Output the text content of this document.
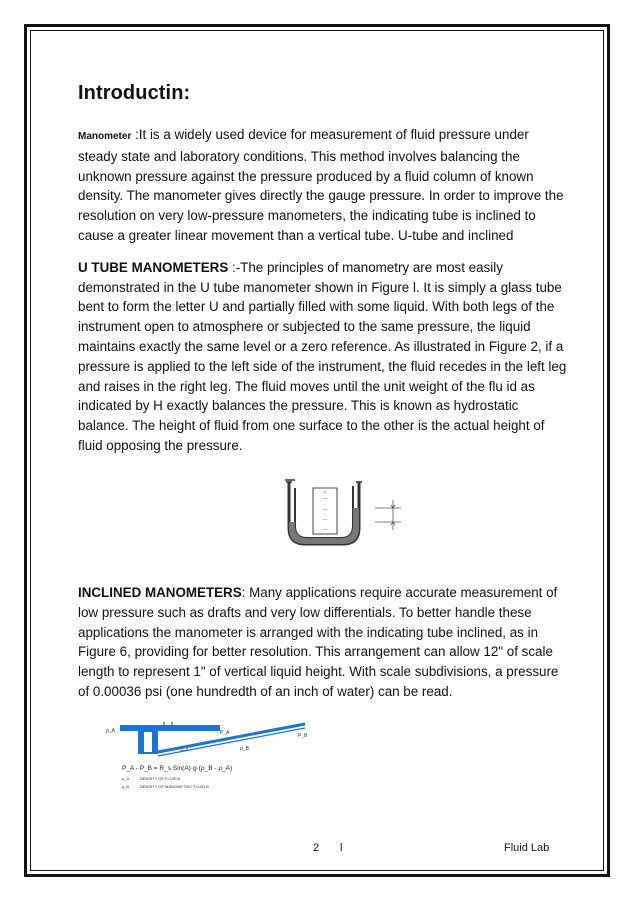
Introductin:

Manometer :It is a widely used device for measurement of fluid pressure under steady state and laboratory conditions. This method involves balancing the unknown pressure against the pressure produced by a fluid column of known density. The manometer gives directly the gauge pressure. In order to improve the resolution on very low-pressure manometers, the indicating tube is inclined to cause a greater linear movement than a vertical tube. U-tube and inclined

U TUBE MANOMETERS :-The principles of manometry are most easily demonstrated in the U tube manometer shown in Figure l. It is simply a glass tube bent to form the letter U and partially filled with some liquid. With both legs of the instrument open to atmosphere or subjected to the same pressure, the liquid maintains exactly the same level or a zero reference. As illustrated in Figure 2, if a pressure is applied to the left side of the instrument, the fluid recedes in the left leg and raises in the right leg. The fluid moves until the unit weight of the flu id as indicated by H exactly balances the pressure. This is known as hydrostatic balance. The height of fluid from one surface to the other is the actual height of fluid opposing the pressure.

~
—
·
—
·
—
·
—

INCLINED MANOMETERS: Many applications require accurate measurement of low pressure such as drafts and very low differentials. To better handle these applications the manometer is arranged with the indicating tube inclined, as in Figure 6, providing for better resolution. This arrangement can allow 12" of scale length to represent 1" of vertical liquid height. With scale subdivisions, a pressure of 0.00036 psi (one hundredth of an inch of water) can be read.

ρ_A	P_A	P_B
ρ_B
P_A - P_B = R_s Sin(A)·g·(ρ_B - ρ_A)
ρ_A	DENSITY OF FLUID A
ρ_B	DENSITY OF MANOMETRIC FLUID B
2 l	Fluid Lab
